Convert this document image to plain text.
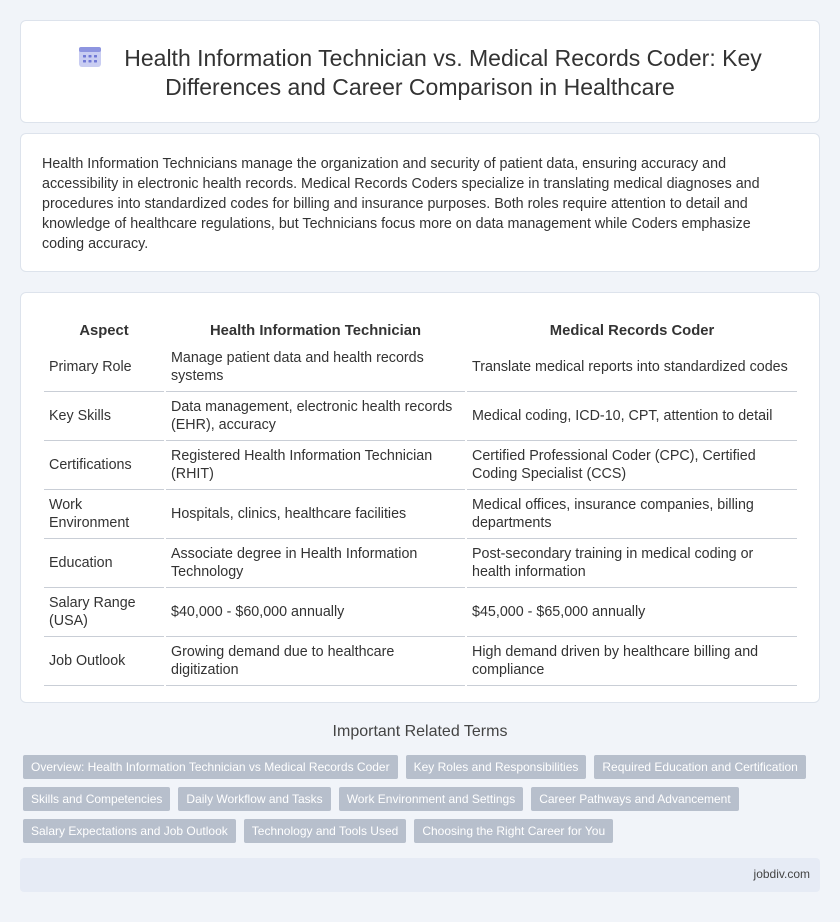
Health Information Technician vs. Medical Records Coder: Key Differences and Career Comparison in Healthcare

Health Information Technicians manage the organization and security of patient data, ensuring accuracy and accessibility in electronic health records. Medical Records Coders specialize in translating medical diagnoses and procedures into standardized codes for billing and insurance purposes. Both roles require attention to detail and knowledge of healthcare regulations, but Technicians focus more on data management while Coders emphasize coding accuracy.

Aspect	Health Information Technician	Medical Records Coder
Primary Role	Manage patient data and health records systems	Translate medical reports into standardized codes
Key Skills	Data management, electronic health records (EHR), accuracy	Medical coding, ICD-10, CPT, attention to detail
Certifications	Registered Health Information Technician (RHIT)	Certified Professional Coder (CPC), Certified Coding Specialist (CCS)
Work Environment	Hospitals, clinics, healthcare facilities	Medical offices, insurance companies, billing departments
Education	Associate degree in Health Information Technology	Post-secondary training in medical coding or health information
Salary Range (USA)	$40,000 - $60,000 annually	$45,000 - $65,000 annually
Job Outlook	Growing demand due to healthcare digitization	High demand driven by healthcare billing and compliance
Important Related Terms
Overview: Health Information Technician vs Medical Records Coder	Key Roles and Responsibilities	Required Education and Certification
Skills and Competencies	Daily Workflow and Tasks	Work Environment and Settings	Career Pathways and Advancement
Salary Expectations and Job Outlook	Technology and Tools Used	Choosing the Right Career for You
jobdiv.com
